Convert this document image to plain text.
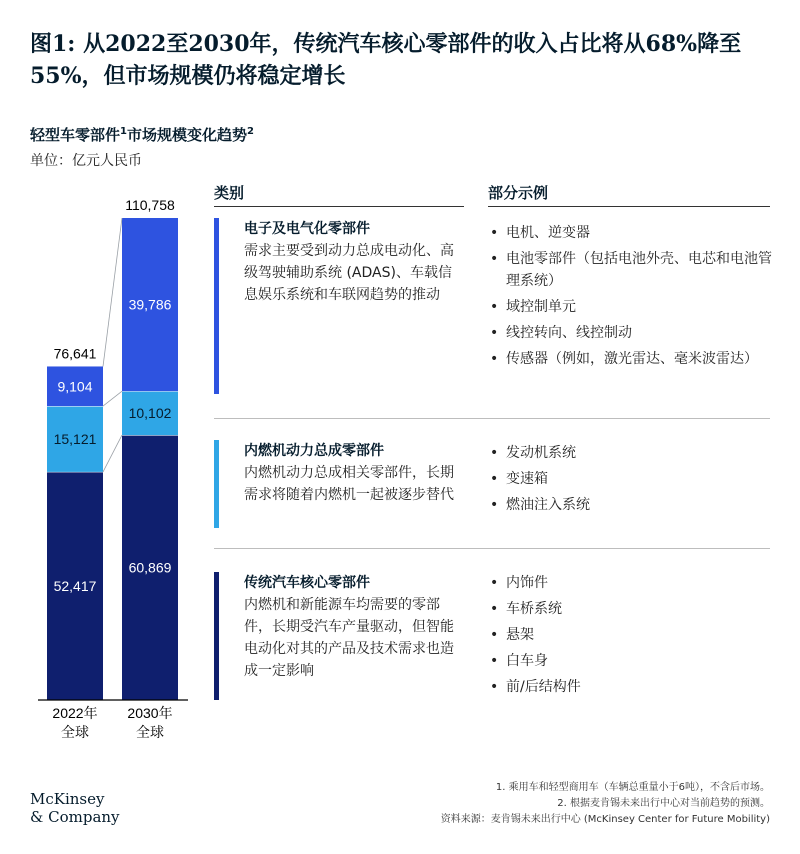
图1: 从2022至2030年，传统汽车核心零部件的收入占比将从68%降至55%，但市场规模仍将稳定增长
轻型车零部件$^1$市场规模变化趋势$^2$
单位：亿元人民币
52,417
15,121
9,104
76,641
2022年
全球
60,869
10,102
39,786
110,758
2030年
全球
类别	部分示例
电子及电气化零部件
需求主要受到动力总成电动化、高级驾驶辅助系统 (ADAS)、车载信息娱乐系统和车联网趋势的推动
• 电机、逆变器
• 电池零部件（包括电池外壳、电芯和电池管理系统）
• 域控制单元
• 线控转向、线控制动
• 传感器（例如，激光雷达、毫米波雷达）
内燃机动力总成零部件
内燃机动力总成相关零部件，长期需求将随着内燃机一起被逐步替代
• 发动机系统
• 变速箱
• 燃油注入系统
传统汽车核心零部件
内燃机和新能源车均需要的零部件，长期受汽车产量驱动，但智能电动化对其的产品及技术需求也造成一定影响
• 内饰件
• 车桥系统
• 悬架
• 白车身
• 前/后结构件
McKinsey
& Company
1. 乘用车和轻型商用车（车辆总重量小于6吨），不含后市场。
2. 根据麦肯锡未来出行中心对当前趋势的预测。
资料来源：麦肯锡未来出行中心 (McKinsey Center for Future Mobility)
